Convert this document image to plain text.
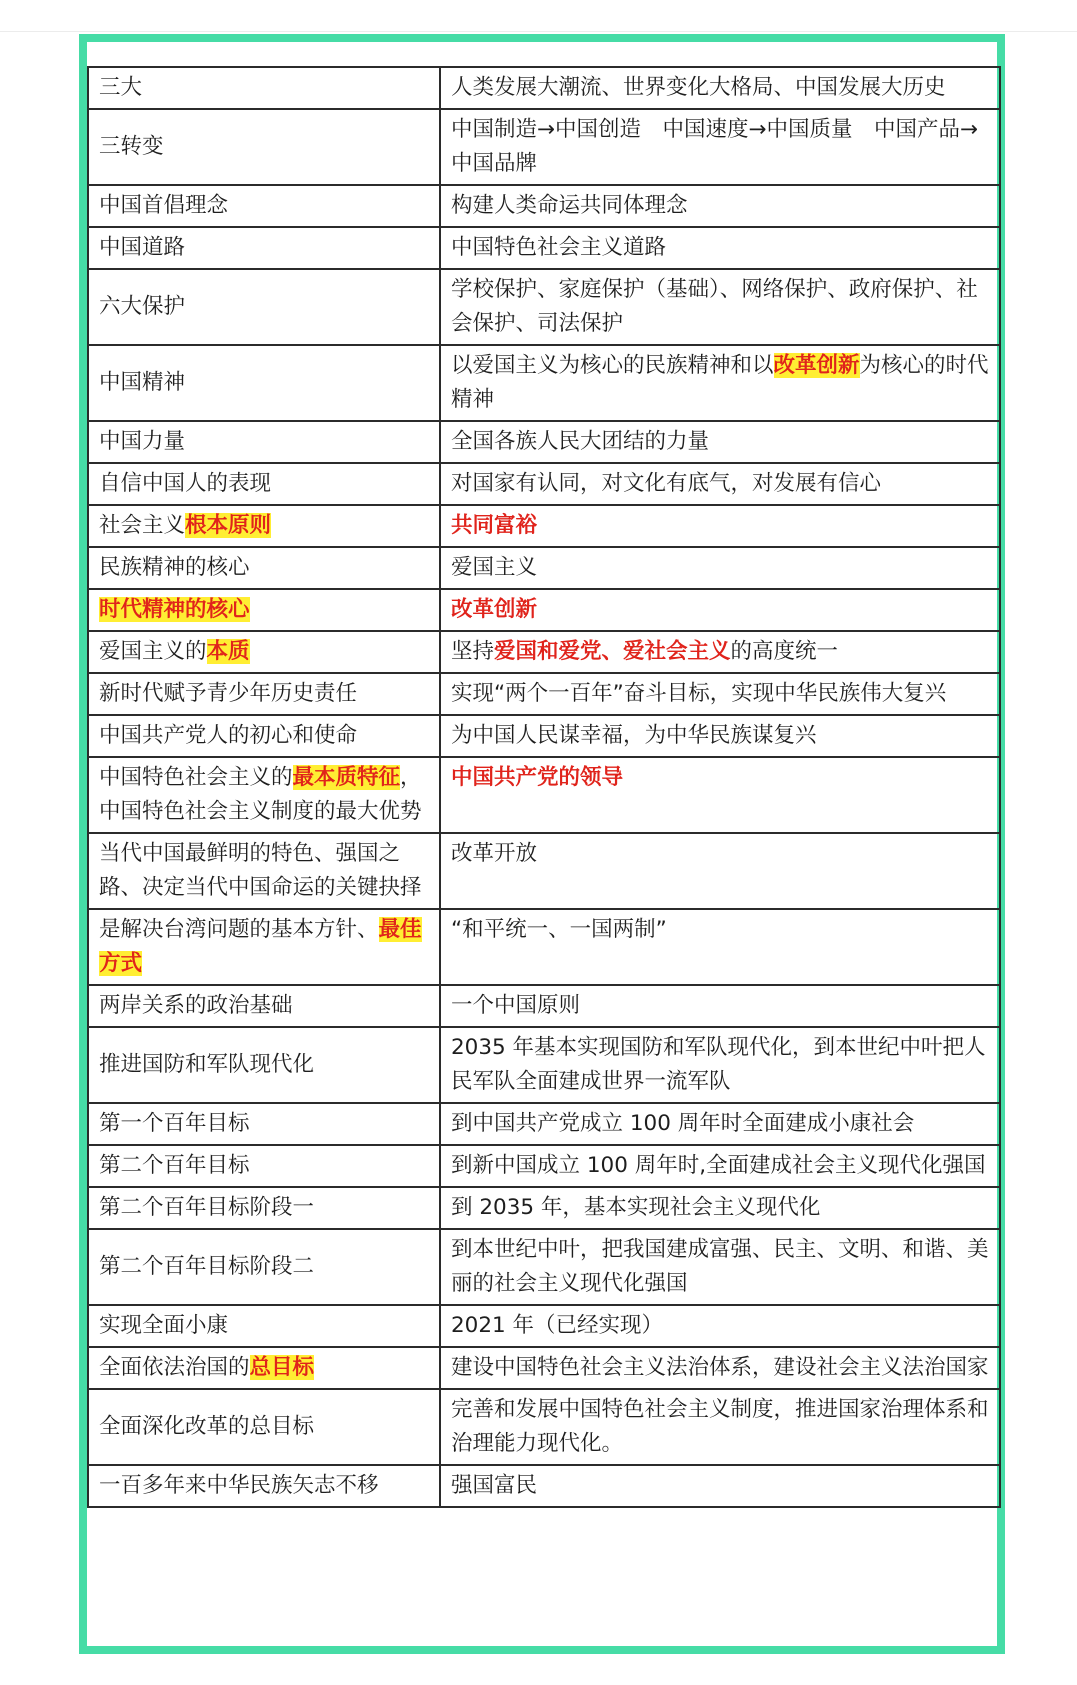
三大	人类发展大潮流、世界变化大格局、中国发展大历史
三转变	中国制造→中国创造　中国速度→中国质量　中国产品→中国品牌
中国首倡理念	构建人类命运共同体理念
中国道路	中国特色社会主义道路
六大保护	学校保护、家庭保护（基础）、网络保护、政府保护、社会保护、司法保护
中国精神	以爱国主义为核心的民族精神和以改革创新为核心的时代精神
中国力量	全国各族人民大团结的力量
自信中国人的表现	对国家有认同，对文化有底气，对发展有信心
社会主义根本原则	共同富裕
民族精神的核心	爱国主义
时代精神的核心	改革创新
爱国主义的本质	坚持爱国和爱党、爱社会主义的高度统一
新时代赋予青少年历史责任	实现“两个一百年”奋斗目标，实现中华民族伟大复兴
中国共产党人的初心和使命	为中国人民谋幸福，为中华民族谋复兴
中国特色社会主义的最本质特征，中国特色社会主义制度的最大优势	中国共产党的领导
当代中国最鲜明的特色、强国之路、决定当代中国命运的关键抉择	改革开放
是解决台湾问题的基本方针、最佳方式	“和平统一、一国两制”
两岸关系的政治基础	一个中国原则
推进国防和军队现代化	2035 年基本实现国防和军队现代化，到本世纪中叶把人民军队全面建成世界一流军队
第一个百年目标	到中国共产党成立 100 周年时全面建成小康社会
第二个百年目标	到新中国成立 100 周年时,全面建成社会主义现代化强国
第二个百年目标阶段一	到 2035 年，基本实现社会主义现代化
第二个百年目标阶段二	到本世纪中叶，把我国建成富强、民主、文明、和谐、美丽的社会主义现代化强国
实现全面小康	2021 年（已经实现）
全面依法治国的总目标	建设中国特色社会主义法治体系，建设社会主义法治国家
全面深化改革的总目标	完善和发展中国特色社会主义制度，推进国家治理体系和治理能力现代化。
一百多年来中华民族矢志不移	强国富民
